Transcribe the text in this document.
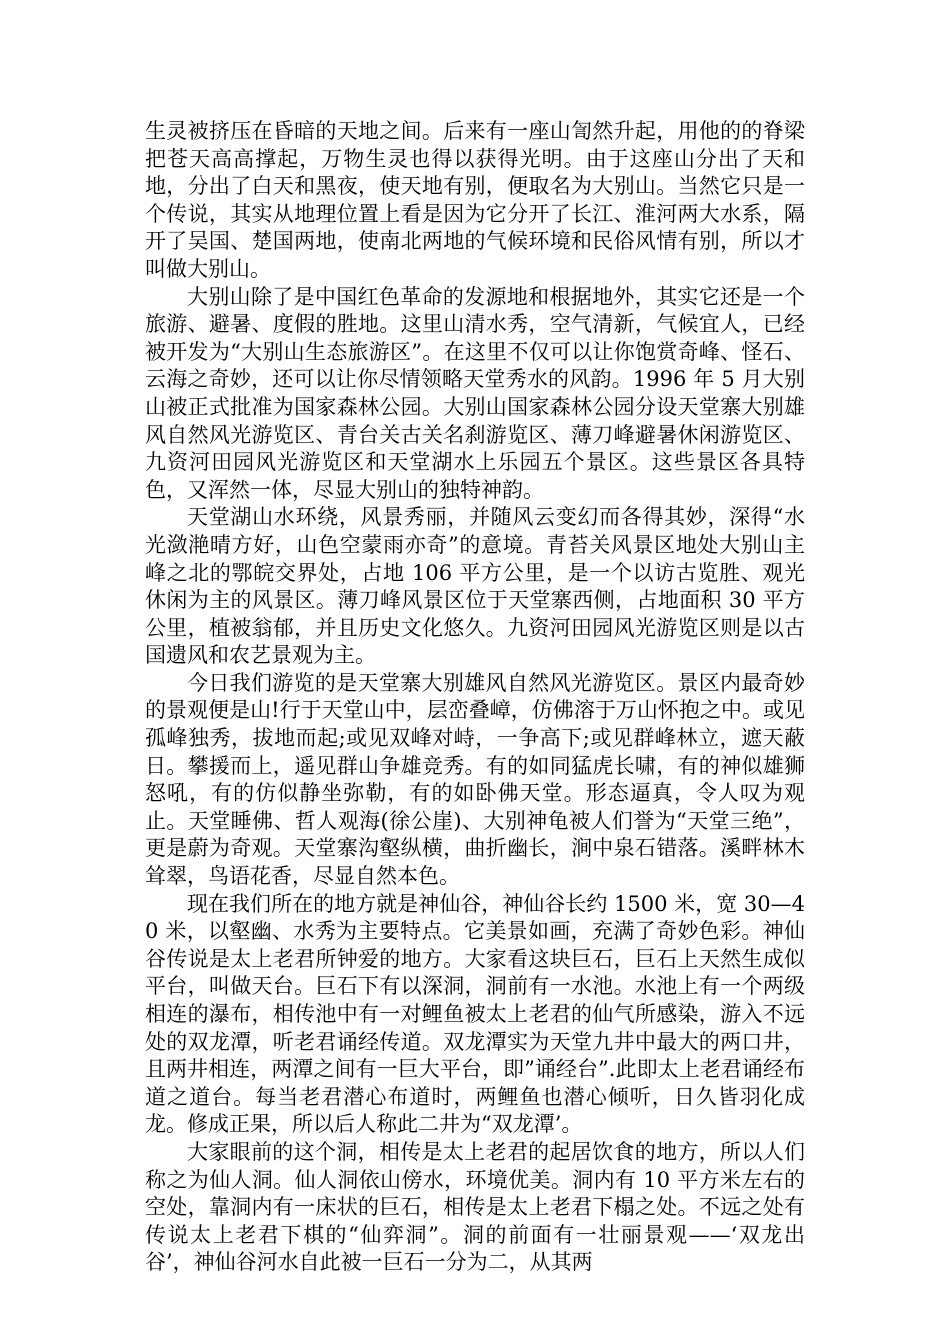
生灵被挤压在昏暗的天地之间。后来有一座山訇然升起，用他的的脊梁把苍天高高撑起，万物生灵也得以获得光明。由于这座山分出了天和地，分出了白天和黑夜，使天地有别，便取名为大别山。当然它只是一个传说，其实从地理位置上看是因为它分开了长江、淮河两大水系，隔开了吴国、楚国两地，使南北两地的气候环境和民俗风情有别，所以才叫做大别山。

大别山除了是中国红色革命的发源地和根据地外，其实它还是一个旅游、避暑、度假的胜地。这里山清水秀，空气清新，气候宜人，已经被开发为“大别山生态旅游区”。在这里不仅可以让你饱赏奇峰、怪石、云海之奇妙，还可以让你尽情领略天堂秀水的风韵。1996 年 5 月大别山被正式批准为国家森林公园。大别山国家森林公园分设天堂寨大别雄风自然风光游览区、青台关古关名刹游览区、薄刀峰避暑休闲游览区、九资河田园风光游览区和天堂湖水上乐园五个景区。这些景区各具特色，又浑然一体，尽显大别山的独特神韵。

天堂湖山水环绕，风景秀丽，并随风云变幻而各得其妙，深得“水光潋滟晴方好，山色空蒙雨亦奇”的意境。青苔关风景区地处大别山主峰之北的鄂皖交界处，占地 106 平方公里，是一个以访古览胜、观光休闲为主的风景区。薄刀峰风景区位于天堂寨西侧，占地面积 30 平方公里，植被翁郁，并且历史文化悠久。九资河田园风光游览区则是以古国遗风和农艺景观为主。

今日我们游览的是天堂寨大别雄风自然风光游览区。景区内最奇妙的景观便是山!行于天堂山中，层峦叠嶂，仿佛溶于万山怀抱之中。或见孤峰独秀，拔地而起;或见双峰对峙，一争高下;或见群峰林立，遮天蔽日。攀援而上，遥见群山争雄竞秀。有的如同猛虎长啸，有的神似雄狮怒吼，有的仿似静坐弥勒，有的如卧佛天堂。形态逼真，令人叹为观止。天堂睡佛、哲人观海(徐公崖)、大别神龟被人们誉为“天堂三绝”，更是蔚为奇观。天堂寨沟壑纵横，曲折幽长，涧中泉石错落。溪畔林木耸翠，鸟语花香，尽显自然本色。

现在我们所在的地方就是神仙谷，神仙谷长约 1500 米，宽 30—40 米，以壑幽、水秀为主要特点。它美景如画，充满了奇妙色彩。神仙谷传说是太上老君所钟爱的地方。大家看这块巨石，巨石上天然生成似平台，叫做天台。巨石下有以深洞，洞前有一水池。水池上有一个两级相连的瀑布，相传池中有一对鲤鱼被太上老君的仙气所感染，游入不远处的双龙潭，听老君诵经传道。双龙潭实为天堂九井中最大的两口井，且两井相连，两潭之间有一巨大平台，即”诵经台”.此即太上老君诵经布道之道台。每当老君潜心布道时，两鲤鱼也潜心倾听，日久皆羽化成龙。修成正果，所以后人称此二井为“双龙潭’。

大家眼前的这个洞，相传是太上老君的起居饮食的地方，所以人们称之为仙人洞。仙人洞依山傍水，环境优美。洞内有 10 平方米左右的空处，靠洞内有一床状的巨石，相传是太上老君下榻之处。不远之处有传说太上老君下棋的“仙弈洞”。洞的前面有一壮丽景观——‘双龙出谷’，神仙谷河水自此被一巨石一分为二，从其两
